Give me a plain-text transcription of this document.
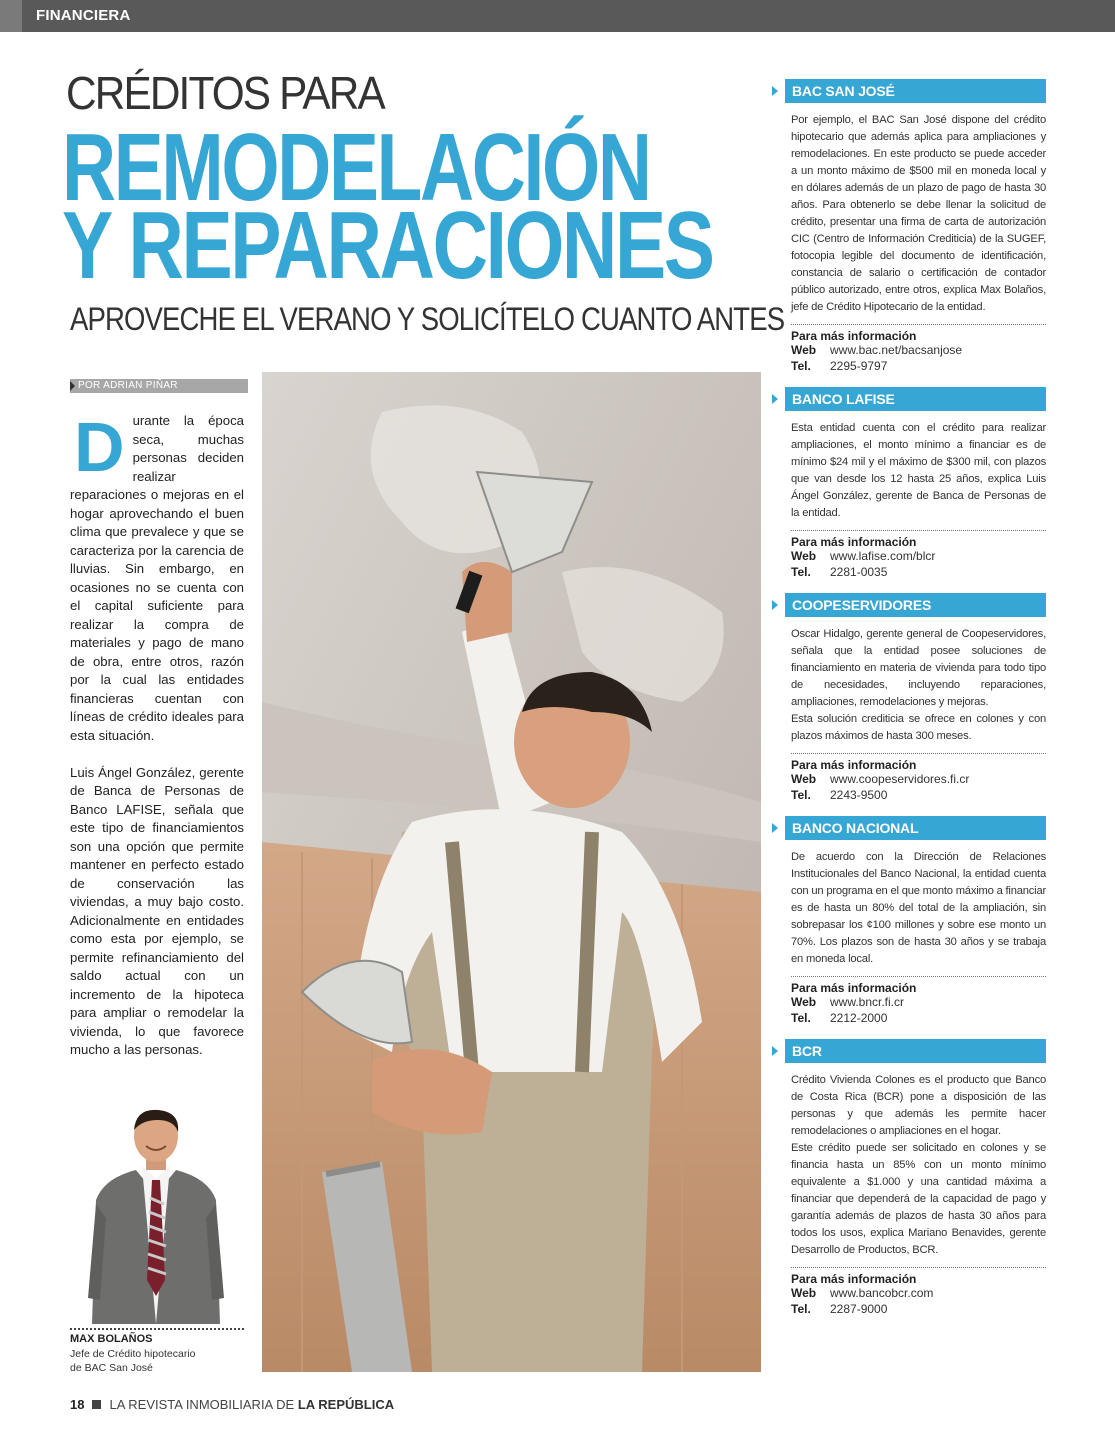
FINANCIERA
CRÉDITOS PARA
REMODELACIÓN
Y REPARACIONES
APROVECHE EL VERANO Y SOLICÍTELO CUANTO ANTES
POR ADRIAN PIÑAR

D urante la época seca, muchas personas deciden realizar reparaciones o mejoras en el hogar aprovechando el buen clima que prevalece y que se caracteriza por la carencia de lluvias. Sin embargo, en ocasiones no se cuenta con el capital suficiente para realizar la compra de materiales y pago de mano de obra, entre otros, razón por la cual las entidades financieras cuentan con líneas de crédito ideales para esta situación.

Luis Ángel González, gerente de Banca de Personas de Banco LAFISE, señala que este tipo de financiamientos son una opción que permite mantener en perfecto estado de conservación las viviendas, a muy bajo costo. Adicionalmente en entidades como esta por ejemplo, se permite refinanciamiento del saldo actual con un incremento de la hipoteca para ampliar o remodelar la vivienda, lo que favorece mucho a las personas.

MAX BOLAÑOS
Jefe de Crédito hipotecario
de BAC San José
BAC SAN JOSÉ

Por ejemplo, el BAC San José dispone del crédito hipotecario que además aplica para ampliaciones y remodelaciones. En este producto se puede acceder a un monto máximo de $500 mil en moneda local y en dólares además de un plazo de pago de hasta 30 años. Para obtenerlo se debe llenar la solicitud de crédito, presentar una firma de carta de autorización CIC (Centro de Información Crediticia) de la SUGEF, fotocopia legible del documento de identificación, constancia de salario o certificación de contador público autorizado, entre otros, explica Max Bolaños, jefe de Crédito Hipotecario de la entidad.

Para más información
Web www.bac.net/bacsanjose
Tel. 2295-9797
BANCO LAFISE

Esta entidad cuenta con el crédito para realizar ampliaciones, el monto mínimo a financiar es de mínimo $24 mil y el máximo de $300 mil, con plazos que van desde los 12 hasta 25 años, explica Luis Ángel González, gerente de Banca de Personas de la entidad.

Para más información
Web www.lafise.com/blcr
Tel. 2281-0035
COOPESERVIDORES

Oscar Hidalgo, gerente general de Coopeservidores, señala que la entidad posee soluciones de financiamiento en materia de vivienda para todo tipo de necesidades, incluyendo reparaciones, ampliaciones, remodelaciones y mejoras.

Esta solución crediticia se ofrece en colones y con plazos máximos de hasta 300 meses.

Para más información
Web www.coopeservidores.fi.cr
Tel. 2243-9500
BANCO NACIONAL

De acuerdo con la Dirección de Relaciones Institucionales del Banco Nacional, la entidad cuenta con un programa en el que monto máximo a financiar es de hasta un 80% del total de la ampliación, sin sobrepasar los ¢100 millones y sobre ese monto un 70%. Los plazos son de hasta 30 años y se trabaja en moneda local.

Para más información
Web www.bncr.fi.cr
Tel. 2212-2000
BCR

Crédito Vivienda Colones es el producto que Banco de Costa Rica (BCR) pone a disposición de las personas y que además les permite hacer remodelaciones o ampliaciones en el hogar.

Este crédito puede ser solicitado en colones y se financia hasta un 85% con un monto mínimo equivalente a $1.000 y una cantidad máxima a financiar que dependerá de la capacidad de pago y garantía además de plazos de hasta 30 años para todos los usos, explica Mariano Benavides, gerente Desarrollo de Productos, BCR.

Para más información
Web www.bancobcr.com
Tel. 2287-9000
18 LA REVISTA INMOBILIARIA DE LA REPÚBLICA
